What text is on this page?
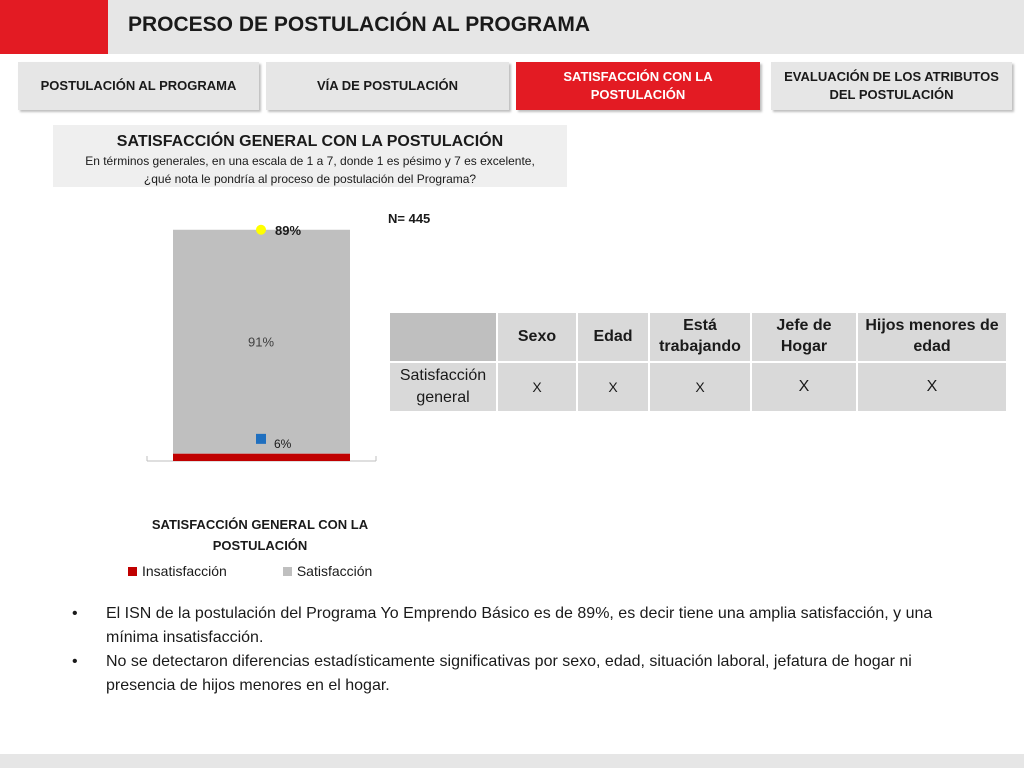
PROCESO DE POSTULACIÓN AL PROGRAMA
POSTULACIÓN AL PROGRAMA	VÍA DE POSTULACIÓN
SATISFACCIÓN CON LA POSTULACIÓN
EVALUACIÓN DE LOS ATRIBUTOS DEL POSTULACIÓN
SATISFACCIÓN GENERAL CON LA POSTULACIÓN
En términos generales, en una escala de 1 a 7, donde 1 es pésimo y 7 es excelente,
¿qué nota le pondría al proceso de postulación del Programa?
N= 445
91%
89%
6%
SATISFACCIÓN GENERAL CON LA POSTULACIÓN
Insatisfacción	Satisfacción
	Sexo	Edad	Está trabajando	Jefe de Hogar	Hijos menores de edad
Satisfacción general	X	X	X	X	X
•	El ISN de la postulación del Programa Yo Emprendo Básico es de 89%, es decir tiene una amplia satisfacción, y una mínima insatisfacción.
•	No se detectaron diferencias estadísticamente significativas por sexo, edad, situación laboral, jefatura de hogar ni presencia de hijos menores en el hogar.
